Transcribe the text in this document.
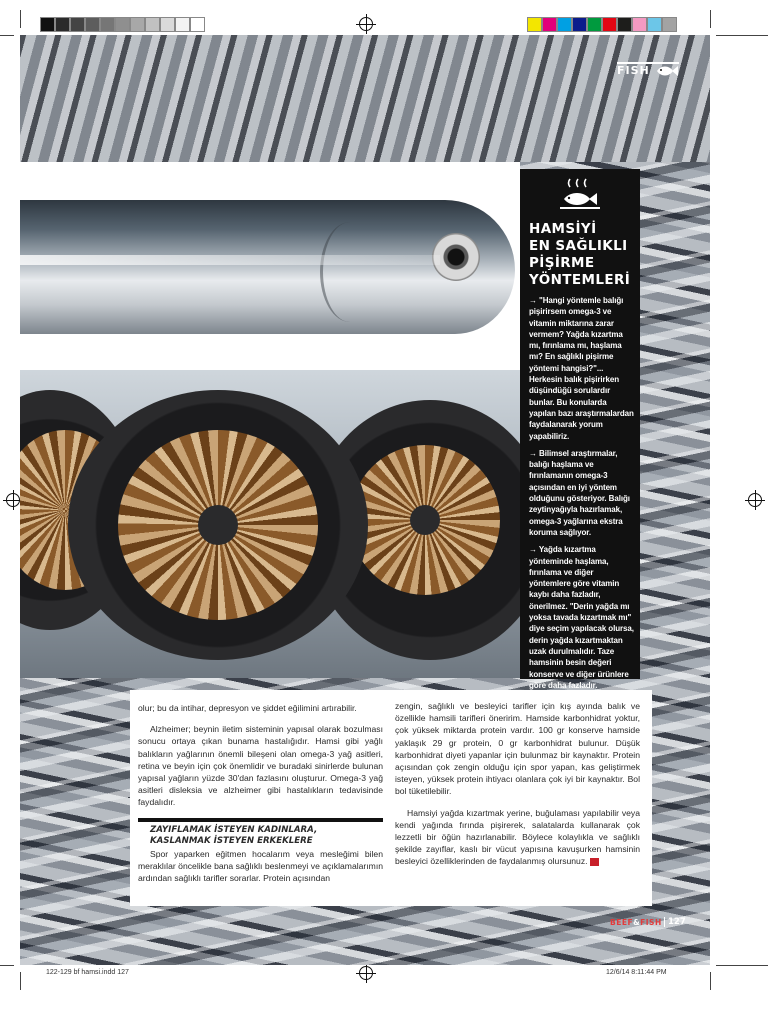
FISH
HAMSİYİ
EN SAĞLIKLI
PİŞİRME
YÖNTEMLERİ

→ "Hangi yöntemle balığı pişirirsem omega-3 ve vitamin miktarına zarar vermem? Yağda kızartma mı, fırınlama mı, haşlama mı? En sağlıklı pişirme yöntemi hangisi?"... Herkesin balık pişirirken düşündüğü sorulardır bunlar. Bu konularda yapılan bazı araştırmalardan faydalanarak yorum yapabiliriz.

→ Bilimsel araştırmalar, balığı haşlama ve fırınlamanın omega-3 açısından en iyi yöntem olduğunu gösteriyor. Balığı zeytinyağıyla hazırlamak, omega-3 yağlarına ekstra koruma sağlıyor.

→ Yağda kızartma yönteminde haşlama, fırınlama ve diğer yöntemlere göre vitamin kaybı daha fazladır, önerilmez. "Derin yağda mı yoksa tavada kızartmak mı" diye seçim yapılacak olursa, derin yağda kızartmaktan uzak durulmalıdır. Taze hamsinin besin değeri konserve ve diğer ürünlere göre daha fazladır.

olur; bu da intihar, depresyon ve şiddet eğilimini artırabilir.

Alzheimer; beynin iletim sisteminin yapısal olarak bozulması sonucu ortaya çıkan bunama hastalığıdır. Hamsi gibi yağlı balıkların yağlarının önemli bileşeni olan omega-3 yağ asitleri, retina ve beyin için çok önemlidir ve buradaki sinirlerde bulunan yapısal yağların yüzde 30'dan fazlasını oluşturur. Omega-3 yağ asitleri disleksia ve alzheimer gibi hastalıkların tedavisinde faydalıdır.

ZAYIFLAMAK İSTEYEN KADINLARA,
KASLANMAK İSTEYEN ERKEKLERE

Spor yaparken eğitmen hocalarım veya mesleğimi bilen meraklılar öncelikle bana sağlıklı beslenmeyi ve açıklamalarımın ardından sağlıklı tarifler sorarlar. Protein açısından

zengin, sağlıklı ve besleyici tarifler için kış ayında balık ve özellikle hamsili tarifleri öneririm. Hamside karbonhidrat yoktur, çok yüksek miktarda protein vardır. 100 gr konserve hamside yaklaşık 29 gr protein, 0 gr karbonhidrat bulunur. Düşük karbonhidrat diyeti yapanlar için bulunmaz bir kaynaktır. Protein açısından çok zengin olduğu için spor yapan, kas geliştirmek isteyen, yüksek protein ihtiyacı olanlara çok iyi bir kaynaktır. Bol bol tüketilebilir.

Hamsiyi yağda kızartmak yerine, buğulaması yapılabilir veya kendi yağında fırında pişirerek, salatalarda kullanarak çok lezzetli bir öğün hazırlanabilir. Böylece kolaylıkla ve sağlıklı şekilde zayıflar, kaslı bir vücut yapısına kavuşurken hamsinin besleyici özelliklerinden de faydalanmış olursunuz.

BEEF&FISH 127
122-129 bf hamsi.indd 127	12/6/14 8:11:44 PM
